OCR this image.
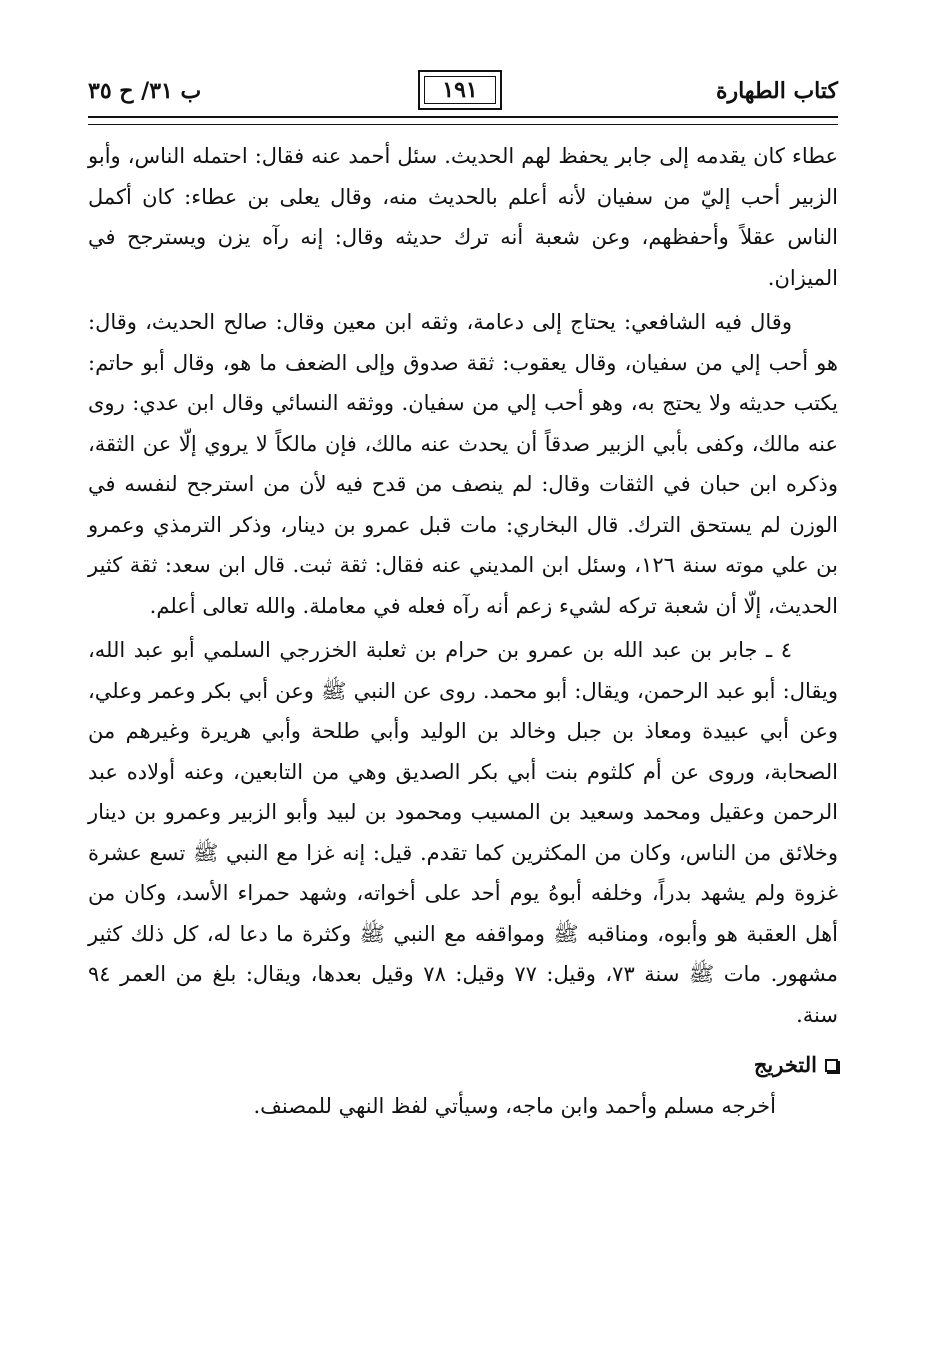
كتاب الطهارة
١٩١
ب ٣١/ ح ٣٥

عطاء كان يقدمه إلى جابر يحفظ لهم الحديث. سئل أحمد عنه فقال: احتمله الناس، وأبو الزبير أحب إليّ من سفيان لأنه أعلم بالحديث منه، وقال يعلى بن عطاء: كان أكمل الناس عقلاً وأحفظهم، وعن شعبة أنه ترك حديثه وقال: إنه رآه يزن ويسترجح في الميزان.

وقال فيه الشافعي: يحتاج إلى دعامة، وثقه ابن معين وقال: صالح الحديث، وقال: هو أحب إلي من سفيان، وقال يعقوب: ثقة صدوق وإلى الضعف ما هو، وقال أبو حاتم: يكتب حديثه ولا يحتج به، وهو أحب إلي من سفيان. ووثقه النسائي وقال ابن عدي: روى عنه مالك، وكفى بأبي الزبير صدقاً أن يحدث عنه مالك، فإن مالكاً لا يروي إلّا عن الثقة، وذكره ابن حبان في الثقات وقال: لم ينصف من قدح فيه لأن من استرجح لنفسه في الوزن لم يستحق الترك. قال البخاري: مات قبل عمرو بن دينار، وذكر الترمذي وعمرو بن علي موته سنة ١٢٦، وسئل ابن المديني عنه فقال: ثقة ثبت. قال ابن سعد: ثقة كثير الحديث، إلّا أن شعبة تركه لشيء زعم أنه رآه فعله في معاملة. والله تعالى أعلم.

٤ ـ جابر بن عبد الله بن عمرو بن حرام بن ثعلبة الخزرجي السلمي أبو عبد الله، ويقال: أبو عبد الرحمن، ويقال: أبو محمد. روى عن النبي ﷺ وعن أبي بكر وعمر وعلي، وعن أبي عبيدة ومعاذ بن جبل وخالد بن الوليد وأبي طلحة وأبي هريرة وغيرهم من الصحابة، وروى عن أم كلثوم بنت أبي بكر الصديق وهي من التابعين، وعنه أولاده عبد الرحمن وعقيل ومحمد وسعيد بن المسيب ومحمود بن لبيد وأبو الزبير وعمرو بن دينار وخلائق من الناس، وكان من المكثرين كما تقدم. قيل: إنه غزا مع النبي ﷺ تسع عشرة غزوة ولم يشهد بدراً، وخلفه أبوهُ يوم أحد على أخواته، وشهد حمراء الأسد، وكان من أهل العقبة هو وأبوه، ومناقبه ﷺ ومواقفه مع النبي ﷺ وكثرة ما دعا له، كل ذلك كثير مشهور. مات ﷺ سنة ٧٣، وقيل: ٧٧ وقيل: ٧٨ وقيل بعدها، ويقال: بلغ من العمر ٩٤ سنة.

التخريج

أخرجه مسلم وأحمد وابن ماجه، وسيأتي لفظ النهي للمصنف.
